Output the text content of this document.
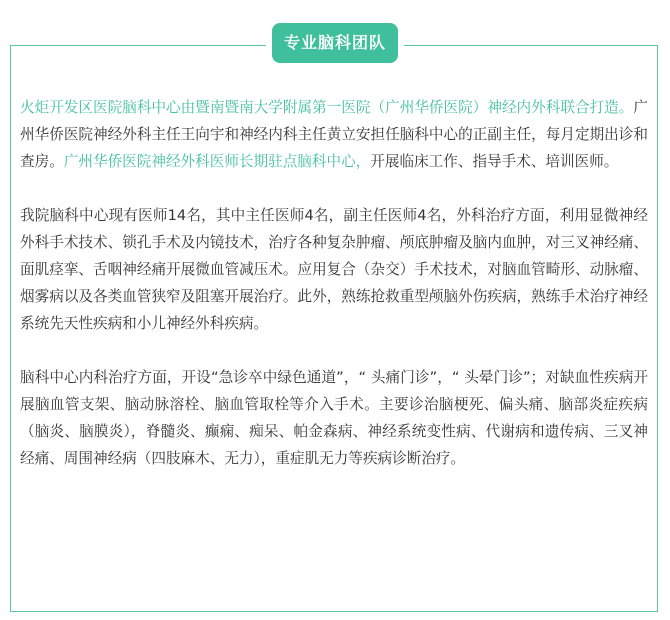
专业脑科团队

火炬开发区医院脑科中心由暨南暨南大学附属第一医院（广州华侨医院）神经内外科联合打造。广州华侨医院神经外科主任王向宇和神经内科主任黄立安担任脑科中心的正副主任，每月定期出诊和查房。广州华侨医院神经外科医师长期驻点脑科中心，开展临床工作、指导手术、培训医师。

我院脑科中心现有医师14名，其中主任医师4名，副主任医师4名，外科治疗方面，利用显微神经外科手术技术、锁孔手术及内镜技术，治疗各种复杂肿瘤、颅底肿瘤及脑内血肿，对三叉神经痛、面肌痉挛、舌咽神经痛开展微血管减压术。应用复合（杂交）手术技术，对脑血管畸形、动脉瘤、烟雾病以及各类血管狭窄及阻塞开展治疗。此外，熟练抢救重型颅脑外伤疾病，熟练手术治疗神经系统先天性疾病和小儿神经外科疾病。

脑科中心内科治疗方面，开设“急诊卒中绿色通道”，“ 头痛门诊”，“ 头晕门诊”；对缺血性疾病开展脑血管支架、脑动脉溶栓、脑血管取栓等介入手术。主要诊治脑梗死、偏头痛、脑部炎症疾病（脑炎、脑膜炎），脊髓炎、癫痫、痴呆、帕金森病、神经系统变性病、代谢病和遗传病、三叉神经痛、周围神经病（四肢麻木、无力），重症肌无力等疾病诊断治疗。
